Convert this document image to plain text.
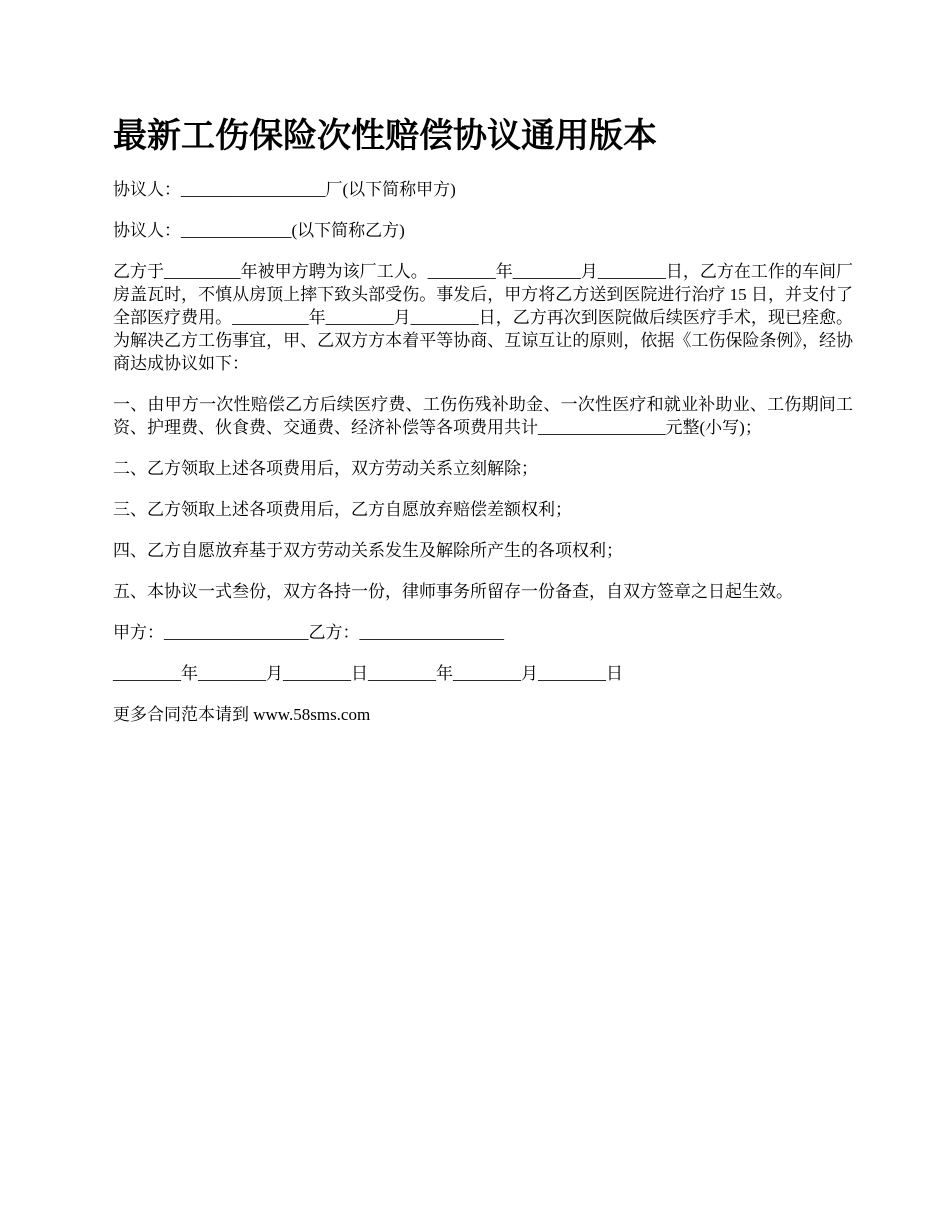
最新工伤保险次性赔偿协议通用版本

协议人：_________________厂(以下简称甲方)

协议人：_____________(以下简称乙方)

乙方于_________年被甲方聘为该厂工人。________年________月________日，乙方在工作的车间厂房盖瓦时，不慎从房顶上摔下致头部受伤。事发后，甲方将乙方送到医院进行治疗 15 日，并支付了全部医疗费用。_________年________月________日，乙方再次到医院做后续医疗手术，现已痊愈。为解决乙方工伤事宜，甲、乙双方方本着平等协商、互谅互让的原则，依据《工伤保险条例》，经协商达成协议如下：

一、由甲方一次性赔偿乙方后续医疗费、工伤伤残补助金、一次性医疗和就业补助业、工伤期间工资、护理费、伙食费、交通费、经济补偿等各项费用共计_______________元整(小写)；

二、乙方领取上述各项费用后，双方劳动关系立刻解除；

三、乙方领取上述各项费用后，乙方自愿放弃赔偿差额权利；

四、乙方自愿放弃基于双方劳动关系发生及解除所产生的各项权利；

五、本协议一式叁份，双方各持一份，律师事务所留存一份备查，自双方签章之日起生效。

甲方：_________________乙方：_________________

________年________月________日________年________月________日

更多合同范本请到 www.58sms.com
